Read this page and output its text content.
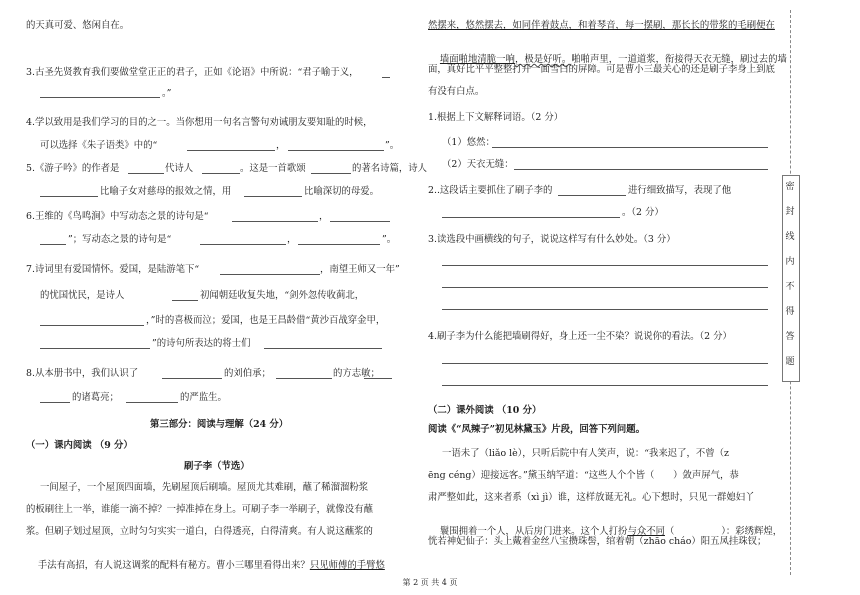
的天真可爱、悠闲自在。
3.古圣先贤教育我们要做堂堂正正的君子，正如《论语》中所说：“君子喻于义，
。”
4.学以致用是我们学习的目的之一。当你想用一句名言警句劝诫朋友要知耻的时候，
可以选择《朱子语类》中的“	，	”。
5.《游子吟》的作者是	代诗人	。这是一首歌颂	的著名诗篇，诗人
比喻子女对慈母的报效之情，用	比喻深切的母爱。
6.王维的《鸟鸣涧》中写动态之景的诗句是“	，
”；写动态之景的诗句是“	，	”。
7.诗词里有爱国情怀。爱国，是陆游笔下“	，南望王师又一年”
的忧国忧民，是诗人	初闻朝廷收复失地，“剑外忽传收蓟北，
，”时的喜极而泣；爱国，也是王昌龄借“黄沙百战穿金甲，
”的诗句所表达的将士们
8.从本册书中，我们认识了	的刘伯承；	的方志敏；
的诸葛亮；	的严监生。
第三部分：阅读与理解（24 分）
（一）课内阅读 （9 分）
刷子李（节选）
一间屋子，一个屋顶四面墙，先刷屋顶后刷墙。屋顶尤其难刷，蘸了稀溜溜粉浆
的板刷往上一举，谁能一滴不掉？一掉准掉在身上。可刷子李一举刷子，就像没有蘸
浆。但刷子划过屋顶，立时匀匀实实一道白，白得透亮，白得清爽。有人说这蘸浆的

手法有高招，有人说这调浆的配料有秘方。曹小三哪里看得出来？只见师傅的手臂悠

然摆来，悠然摆去，如同伴着鼓点，和着琴音，每一摆刷，那长长的带浆的毛刷便在

墙面啪地清脆一响，极是好听。啪啪声里，一道道浆，衔接得天衣无缝，刷过去的墙

面，真好比平平整整打开一面雪白的屏障。可是曹小三最关心的还是刷子李身上到底
有没有白点。
1.根据上下文解释词语。（2 分）
（1）悠然：
（2）天衣无缝：
2..这段话主要抓住了刷子李的	进行细致描写，表现了他
。（2 分）
3.读选段中画横线的句子，说说这样写有什么妙处。（3 分）
4.刷子李为什么能把墙刷得好，身上还一尘不染？说说你的看法。（2 分）
（二）课外阅读 （10 分）
阅读《“凤辣子”初见林黛玉》片段，回答下列问题。
一语未了（liǎo lè），只听后院中有人笑声，说：“我来迟了，不曾（z
ēng céng）迎接远客。”黛玉纳罕道：“这些人个个皆（　　）敛声屏气，恭
肃严整如此，这来者系（xì jì）谁，这样放诞无礼。心下想时，只见一群媳妇丫

鬟围拥着一个人，从后房门进来。这个人打扮与众不同（　　　　　）：彩绣辉煌，

恍若神妃仙子：头上戴着金丝八宝攒珠髻，绾着朝（zhāo cháo）阳五凤挂珠钗；
密
封
线
内
不
得
答
题
第 2 页 共 4 页
